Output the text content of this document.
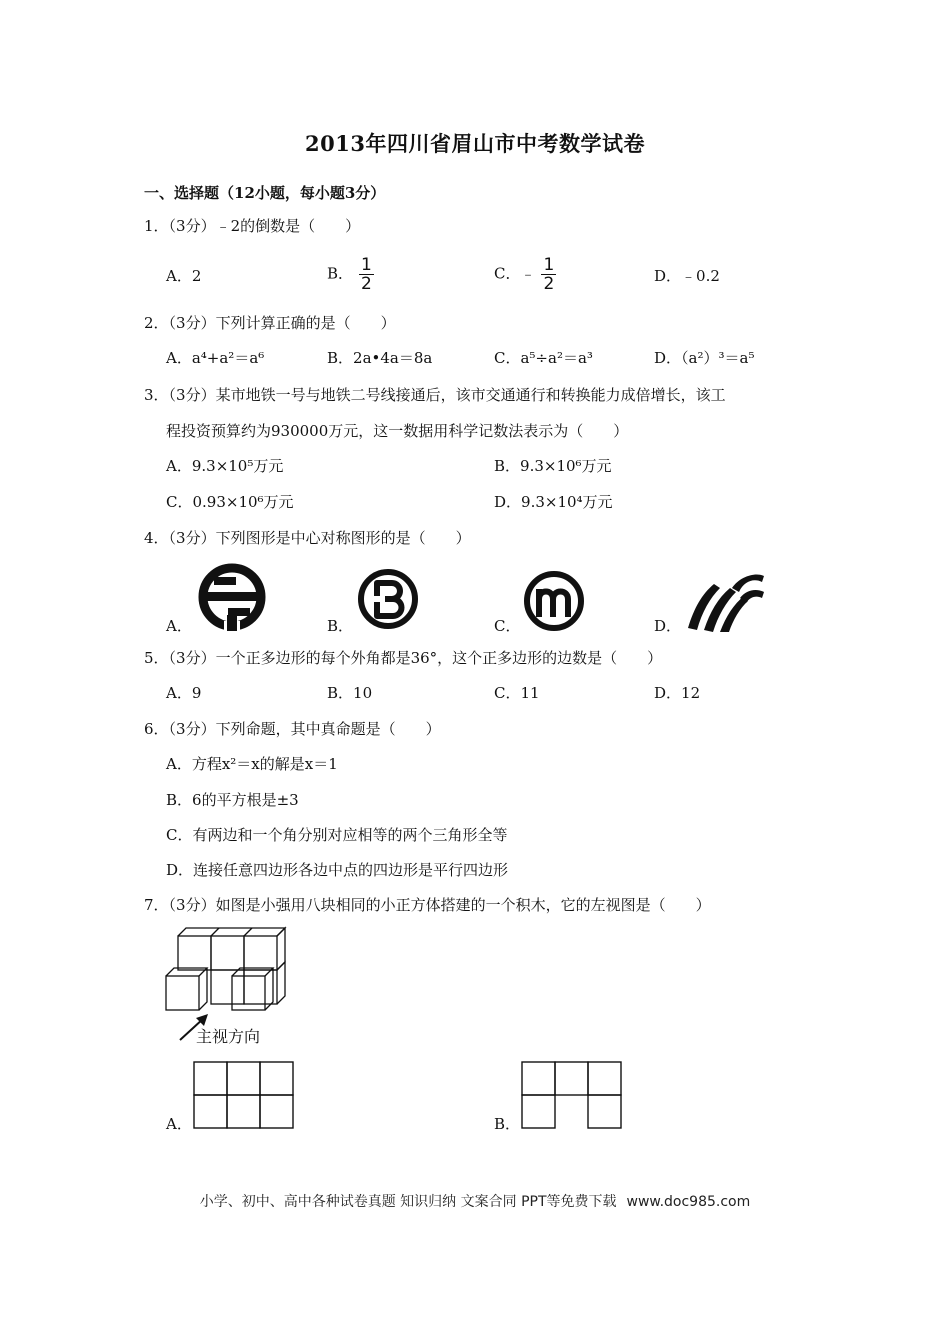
2013年四川省眉山市中考数学试卷
一、选择题（12小题，每小题3分）
1．（3分）﹣2的倒数是（　　）
A．2	B． $\frac{1}{2}$	C．﹣ $\frac{1}{2}$	D．﹣0.2
2．（3分）下列计算正确的是（　　）
A．a⁴+a²＝a⁶	B．2a•4a＝8a	C．a⁵÷a²＝a³	D．（a²）³＝a⁵
3．（3分）某市地铁一号与地铁二号线接通后，该市交通通行和转换能力成倍增长，该工
程投资预算约为930000万元，这一数据用科学记数法表示为（　　）
A．9.3×10⁵万元	B．9.3×10⁶万元
C．0.93×10⁶万元	D．9.3×10⁴万元
4．（3分）下列图形是中心对称图形的是（　　）
A．	B．	C．	D．
5．（3分）一个正多边形的每个外角都是36°，这个正多边形的边数是（　　）
A．9	B．10	C．11	D．12
6．（3分）下列命题，其中真命题是（　　）
A．方程x²＝x的解是x＝1
B．6的平方根是±3
C．有两边和一个角分别对应相等的两个三角形全等
D．连接任意四边形各边中点的四边形是平行四边形
7．（3分）如图是小强用八块相同的小正方体搭建的一个积木，它的左视图是（　　）
主视方向
A．	B．
小学、初中、高中各种试卷真题 知识归纳 文案合同 PPT等免费下载 www.doc985.com
